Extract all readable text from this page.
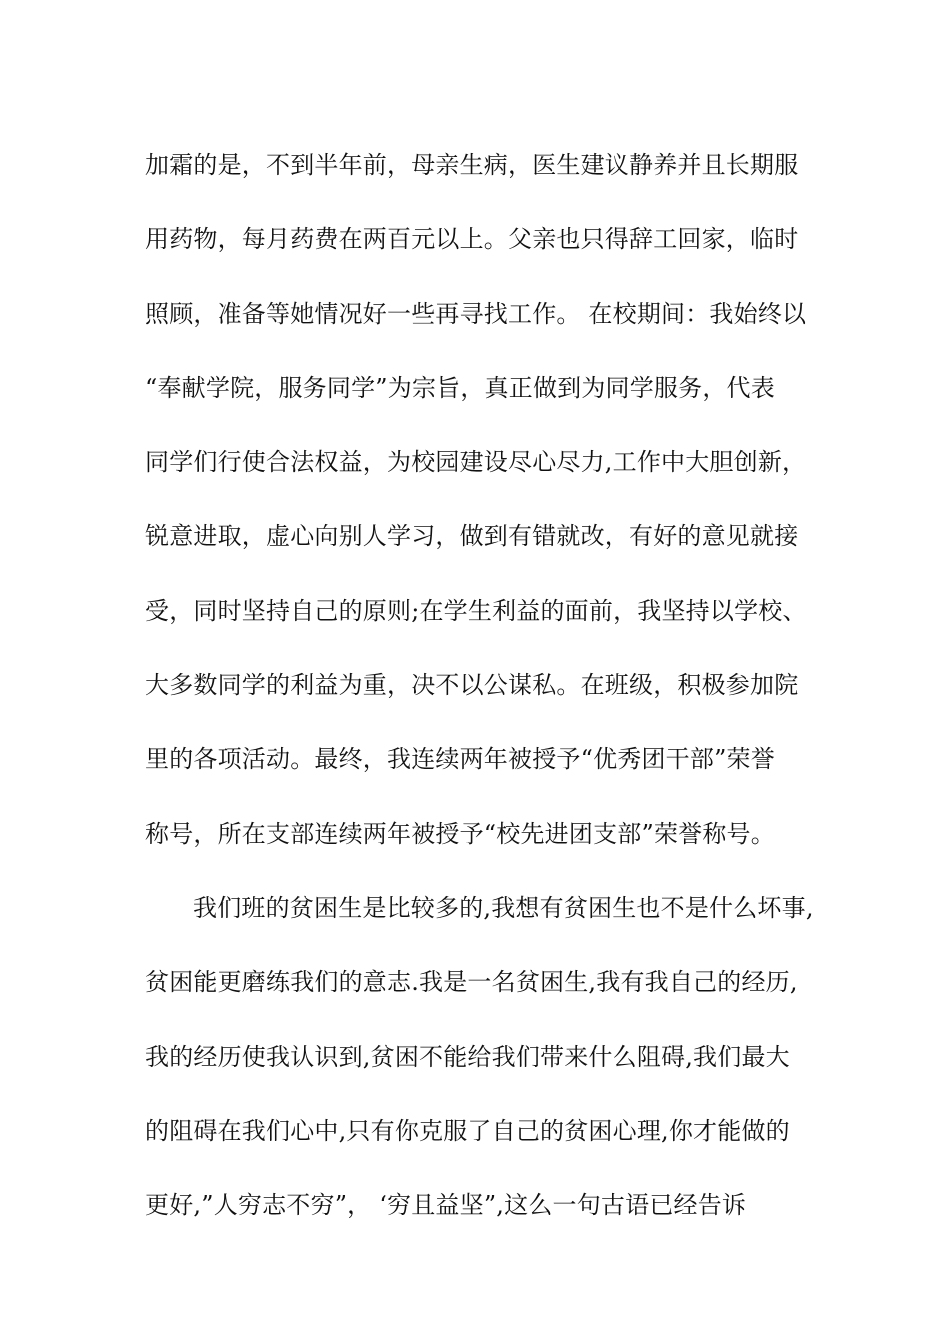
加霜的是，不到半年前，母亲生病，医生建议静养并且长期服
用药物，每月药费在两百元以上。父亲也只得辞工回家，临时
照顾，准备等她情况好一些再寻找工作。 在校期间：我始终以
“奉献学院，服务同学”为宗旨，真正做到为同学服务，代表
同学们行使合法权益，为校园建设尽心尽力,工作中大胆创新，
锐意进取，虚心向别人学习，做到有错就改，有好的意见就接
受，同时坚持自己的原则;在学生利益的面前，我坚持以学校、
大多数同学的利益为重，决不以公谋私。在班级，积极参加院
里的各项活动。最终，我连续两年被授予“优秀团干部”荣誉
称号，所在支部连续两年被授予“校先进团支部”荣誉称号。
我们班的贫困生是比较多的,我想有贫困生也不是什么坏事,
贫困能更磨练我们的意志.我是一名贫困生,我有我自己的经历,
我的经历使我认识到,贫困不能给我们带来什么阻碍,我们最大
的阻碍在我们心中,只有你克服了自己的贫困心理,你才能做的
更好,”人穷志不穷”， ‘穷且益坚”,这么一句古语已经告诉
